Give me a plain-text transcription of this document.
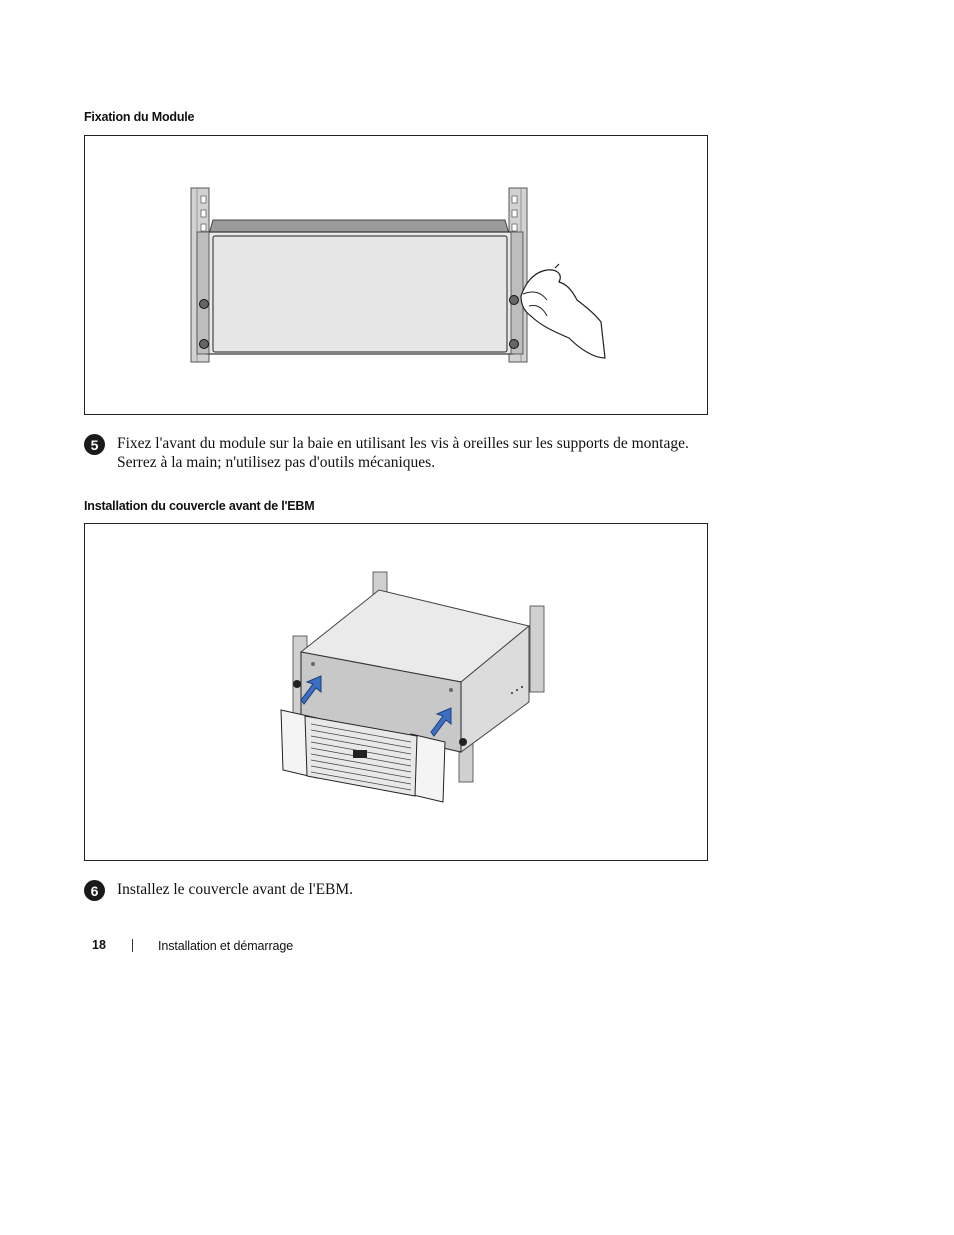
Fixation du Module
5	Fixez l'avant du module sur la baie en utilisant les vis à oreilles sur les supports de montage.
Serrez à la main; n'utilisez pas d'outils mécaniques.
Installation du couvercle avant de l'EBM
6	Installez le couvercle avant de l'EBM.
18	Installation et démarrage
